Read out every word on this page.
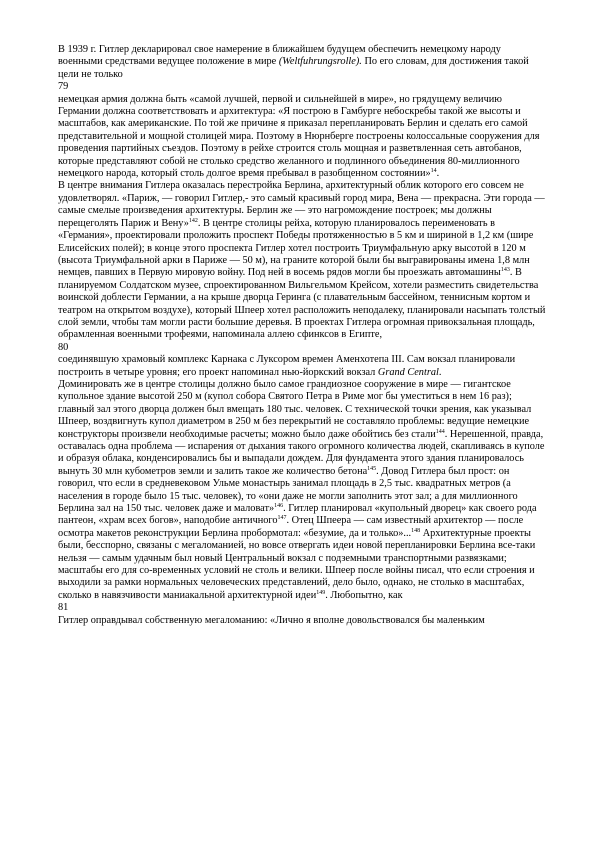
В 1939 г. Гитлер декларировал свое намерение в ближайшем будущем обеспечить немецкому народу военными средствами ведущее положение в мире (Weltfuhrungsrolle). По его словам, для достижения такой цели не только

79

немецкая армия должна быть «самой лучшей, первой и сильнейшей в мире», но грядущему величию Германии должна соответствовать и архитектура: «Я построю в Гамбурге небоскребы такой же высоты и масштабов, как американские. По той же причине я приказал перепланировать Берлин и сделать его самой представительной и мощной столицей мира. Поэтому в Нюрнберге построены колоссальные сооружения для проведения партийных съездов. Поэтому в рейхе строится столь мощная и разветвленная сеть автобанов, которые представляют собой не столько средство желанного и подлинного объединения 80-миллионного немецкого народа, который столь долгое время пребывал в разобщенном состоянии»$^{14}$.

В центре внимания Гитлера оказалась перестройка Берлина, архитектурный облик которого его совсем не удовлетворял. «Париж, — говорил Гитлер,- это самый красивый город мира, Вена — прекрасна. Эти города — самые смелые произведения архитектуры. Берлин же — это нагромождение построек; мы должны перещеголять Париж и Вену»$^{142}$. В центре столицы рейха, которую планировалось переименовать в «Германия», проектировали проложить проспект Победы протяженностью в 5 км и шириной в 1,2 км (шире Елисейских полей); в конце этого проспекта Гитлер хотел построить Триумфальную арку высотой в 120 м (высота Триумфальной арки в Париже — 50 м), на граните которой были бы выгравированы имена 1,8 млн немцев, павших в Первую мировую войну. Под ней в восемь рядов могли бы проезжать автомашины$^{143}$. В планируемом Солдатском музее, спроектированном Вильгельмом Крейсом, хотели разместить свидетельства воинской доблести Германии, а на крыше дворца Геринга (с плавательным бассейном, теннисным кортом и театром на открытом воздухе), который Шпеер хотел расположить неподалеку, планировали насыпать толстый слой земли, чтобы там могли расти большие деревья. В проектах Гитлера огромная привокзальная площадь, обрамленная военными трофеями, напоминала аллею сфинксов в Египте,

80

соединявшую храмовый комплекс Карнака с Луксором времен Аменхотепа III. Сам вокзал планировали построить в четыре уровня; его проект напоминал нью-йоркский вокзал Grand Central.

Доминировать же в центре столицы должно было самое грандиозное сооружение в мире — гигантское купольное здание высотой 250 м (купол собора Святого Петра в Риме мог бы уместиться в нем 16 раз); главный зал этого дворца должен был вмещать 180 тыс. человек. С технической точки зрения, как указывал Шпеер, воздвигнуть купол диаметром в 250 м без перекрытий не составляло проблемы: ведущие немецкие конструкторы произвели необходимые расчеты; можно было даже обойтись без стали$^{144}$. Нерешенной, правда, оставалась одна проблема — испарения от дыхания такого огромного количества людей, скапливаясь в куполе и образуя облака, конденсировались бы и выпадали дождем. Для фундамента этого здания планировалось вынуть 30 млн кубометров земли и залить такое же количество бетона$^{145}$. Довод Гитлера был прост: он говорил, что если в средневековом Ульме монастырь занимал площадь в 2,5 тыс. квадратных метров (а населения в городе было 15 тыс. человек), то «они даже не могли заполнить этот зал; а для миллионного Берлина зал на 150 тыс. человек даже и маловат»$^{146}$. Гитлер планировал «купольный дворец» как своего рода пантеон, «храм всех богов», наподобие античного$^{147}$. Отец Шпеера — сам известный архитектор — после осмотра макетов реконструкции Берлина пробормотал: «безумие, да и только»...$^{148}$ Архитектурные проекты были, бесспорно, связаны с мегаломанией, но вовсе отвергать идеи новой перепланировки Берлина все-таки нельзя — самым удачным был новый Центральный вокзал с подземными транспортными развязками; масштабы его для со-временных условий не столь и велики. Шпеер после войны писал, что если строения и выходили за рамки нормальных человеческих представлений, дело было, однако, не столько в масштабах, сколько в навязчивости маниакальной архитектурной идеи$^{149}$. Любопытно, как

81

Гитлер оправдывал собственную мегаломанию: «Лично я вполне довольствовался бы маленьким
